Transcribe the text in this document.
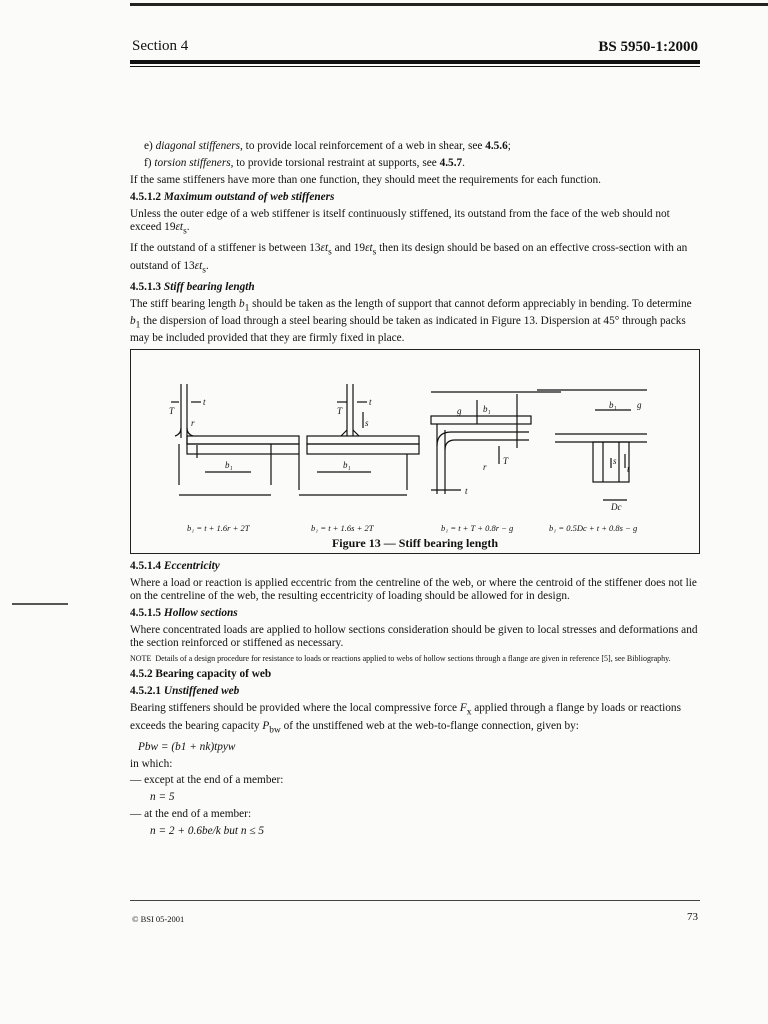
Section 4	BS 5950-1:2000

e) diagonal stiffeners, to provide local reinforcement of a web in shear, see 4.5.6;

f) torsion stiffeners, to provide torsional restraint at supports, see 4.5.7.

If the same stiffeners have more than one function, they should meet the requirements for each function.

4.5.1.2 Maximum outstand of web stiffeners

Unless the outer edge of a web stiffener is itself continuously stiffened, its outstand from the face of the web should not exceed $19\varepsilon t_s$.

If the outstand of a stiffener is between $13\varepsilon t_s$ and $19\varepsilon t_s$ then its design should be based on an effective cross-section with an outstand of $13\varepsilon t_s$.

4.5.1.3 Stiff bearing length

The stiff bearing length $b_1$ should be taken as the length of support that cannot deform appreciably in bending. To determine $b_1$ the dispersion of load through a steel bearing should be taken as indicated in Figure 13. Dispersion at 45° through packs may be included provided that they are firmly fixed in place.

t
T
r
b₁
t
T
s
b₁
g b₁
r
T
t
b₁ g
t
s
Dc
b₁ = t + 1.6r + 2T	b₁ = t + 1.6s + 2T	b₁ = t + T + 0.8r − g	b₁ = 0.5Dc + t + 0.8s − g
Figure 13 — Stiff bearing length

4.5.1.4 Eccentricity

Where a load or reaction is applied eccentric from the centreline of the web, or where the centroid of the stiffener does not lie on the centreline of the web, the resulting eccentricity of loading should be allowed for in design.

4.5.1.5 Hollow sections

Where concentrated loads are applied to hollow sections consideration should be given to local stresses and deformations and the section reinforced or stiffened as necessary.

NOTE Details of a design procedure for resistance to loads or reactions applied to webs of hollow sections through a flange are given in reference [5], see Bibliography.

4.5.2 Bearing capacity of web

4.5.2.1 Unstiffened web

Bearing stiffeners should be provided where the local compressive force $F_x$ applied through a flange by loads or reactions exceeds the bearing capacity $P_{bw}$ of the unstiffened web at the web-to-flange connection, given by:

Pbw = (b1 + nk)tpyw

in which:

— except at the end of a member:

n = 5

— at the end of a member:

n = 2 + 0.6be/k but n ≤ 5

© BSI 05-2001	73
